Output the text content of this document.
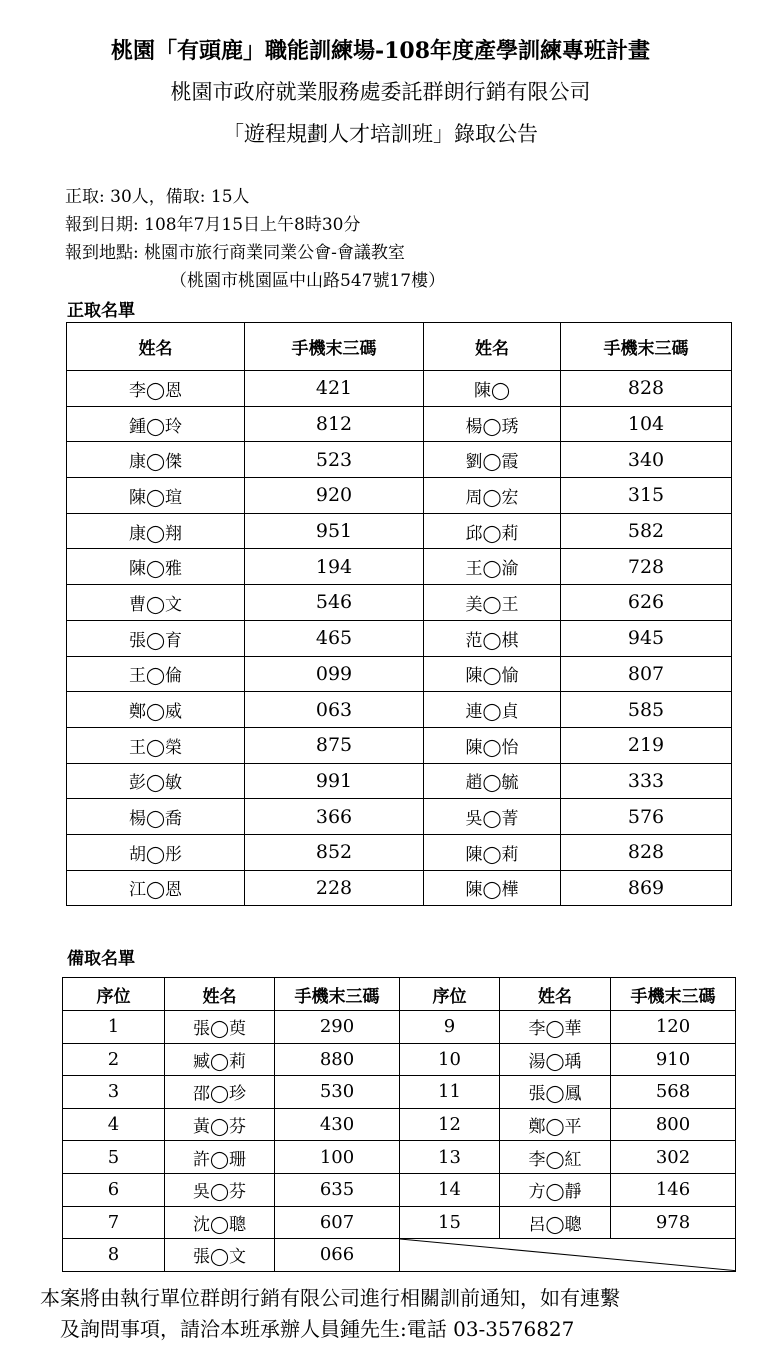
桃園「有頭鹿」職能訓練場-108年度產學訓練專班計畫
桃園市政府就業服務處委託群朗行銷有限公司
「遊程規劃人才培訓班」錄取公告
正取: 30人，備取: 15人
報到日期: 108年7月15日上午8時30分
報到地點: 桃園市旅行商業同業公會-會議教室
（桃園市桃園區中山路547號17樓）
正取名單
姓名	手機末三碼	姓名	手機末三碼
李◯恩	421	陳◯	828
鍾◯玲	812	楊◯琇	104
康◯傑	523	劉◯霞	340
陳◯瑄	920	周◯宏	315
康◯翔	951	邱◯莉	582
陳◯雅	194	王◯渝	728
曹◯文	546	美◯王	626
張◯育	465	范◯棋	945
王◯倫	099	陳◯愉	807
鄭◯威	063	連◯貞	585
王◯榮	875	陳◯怡	219
彭◯敏	991	趙◯毓	333
楊◯喬	366	吳◯菁	576
胡◯彤	852	陳◯莉	828
江◯恩	228	陳◯樺	869
備取名單
序位	姓名	手機末三碼	序位	姓名	手機末三碼
1	張◯萸	290	9	李◯華	120
2	臧◯莉	880	10	湯◯瑀	910
3	邵◯珍	530	11	張◯鳳	568
4	黃◯芬	430	12	鄭◯平	800
5	許◯珊	100	13	李◯紅	302
6	吳◯芬	635	14	方◯靜	146
7	沈◯聰	607	15	呂◯聰	978
8	張◯文	066	
本案將由執行單位群朗行銷有限公司進行相關訓前通知，如有連繫
及詢問事項，請洽本班承辦人員鍾先生:電話 03-3576827
